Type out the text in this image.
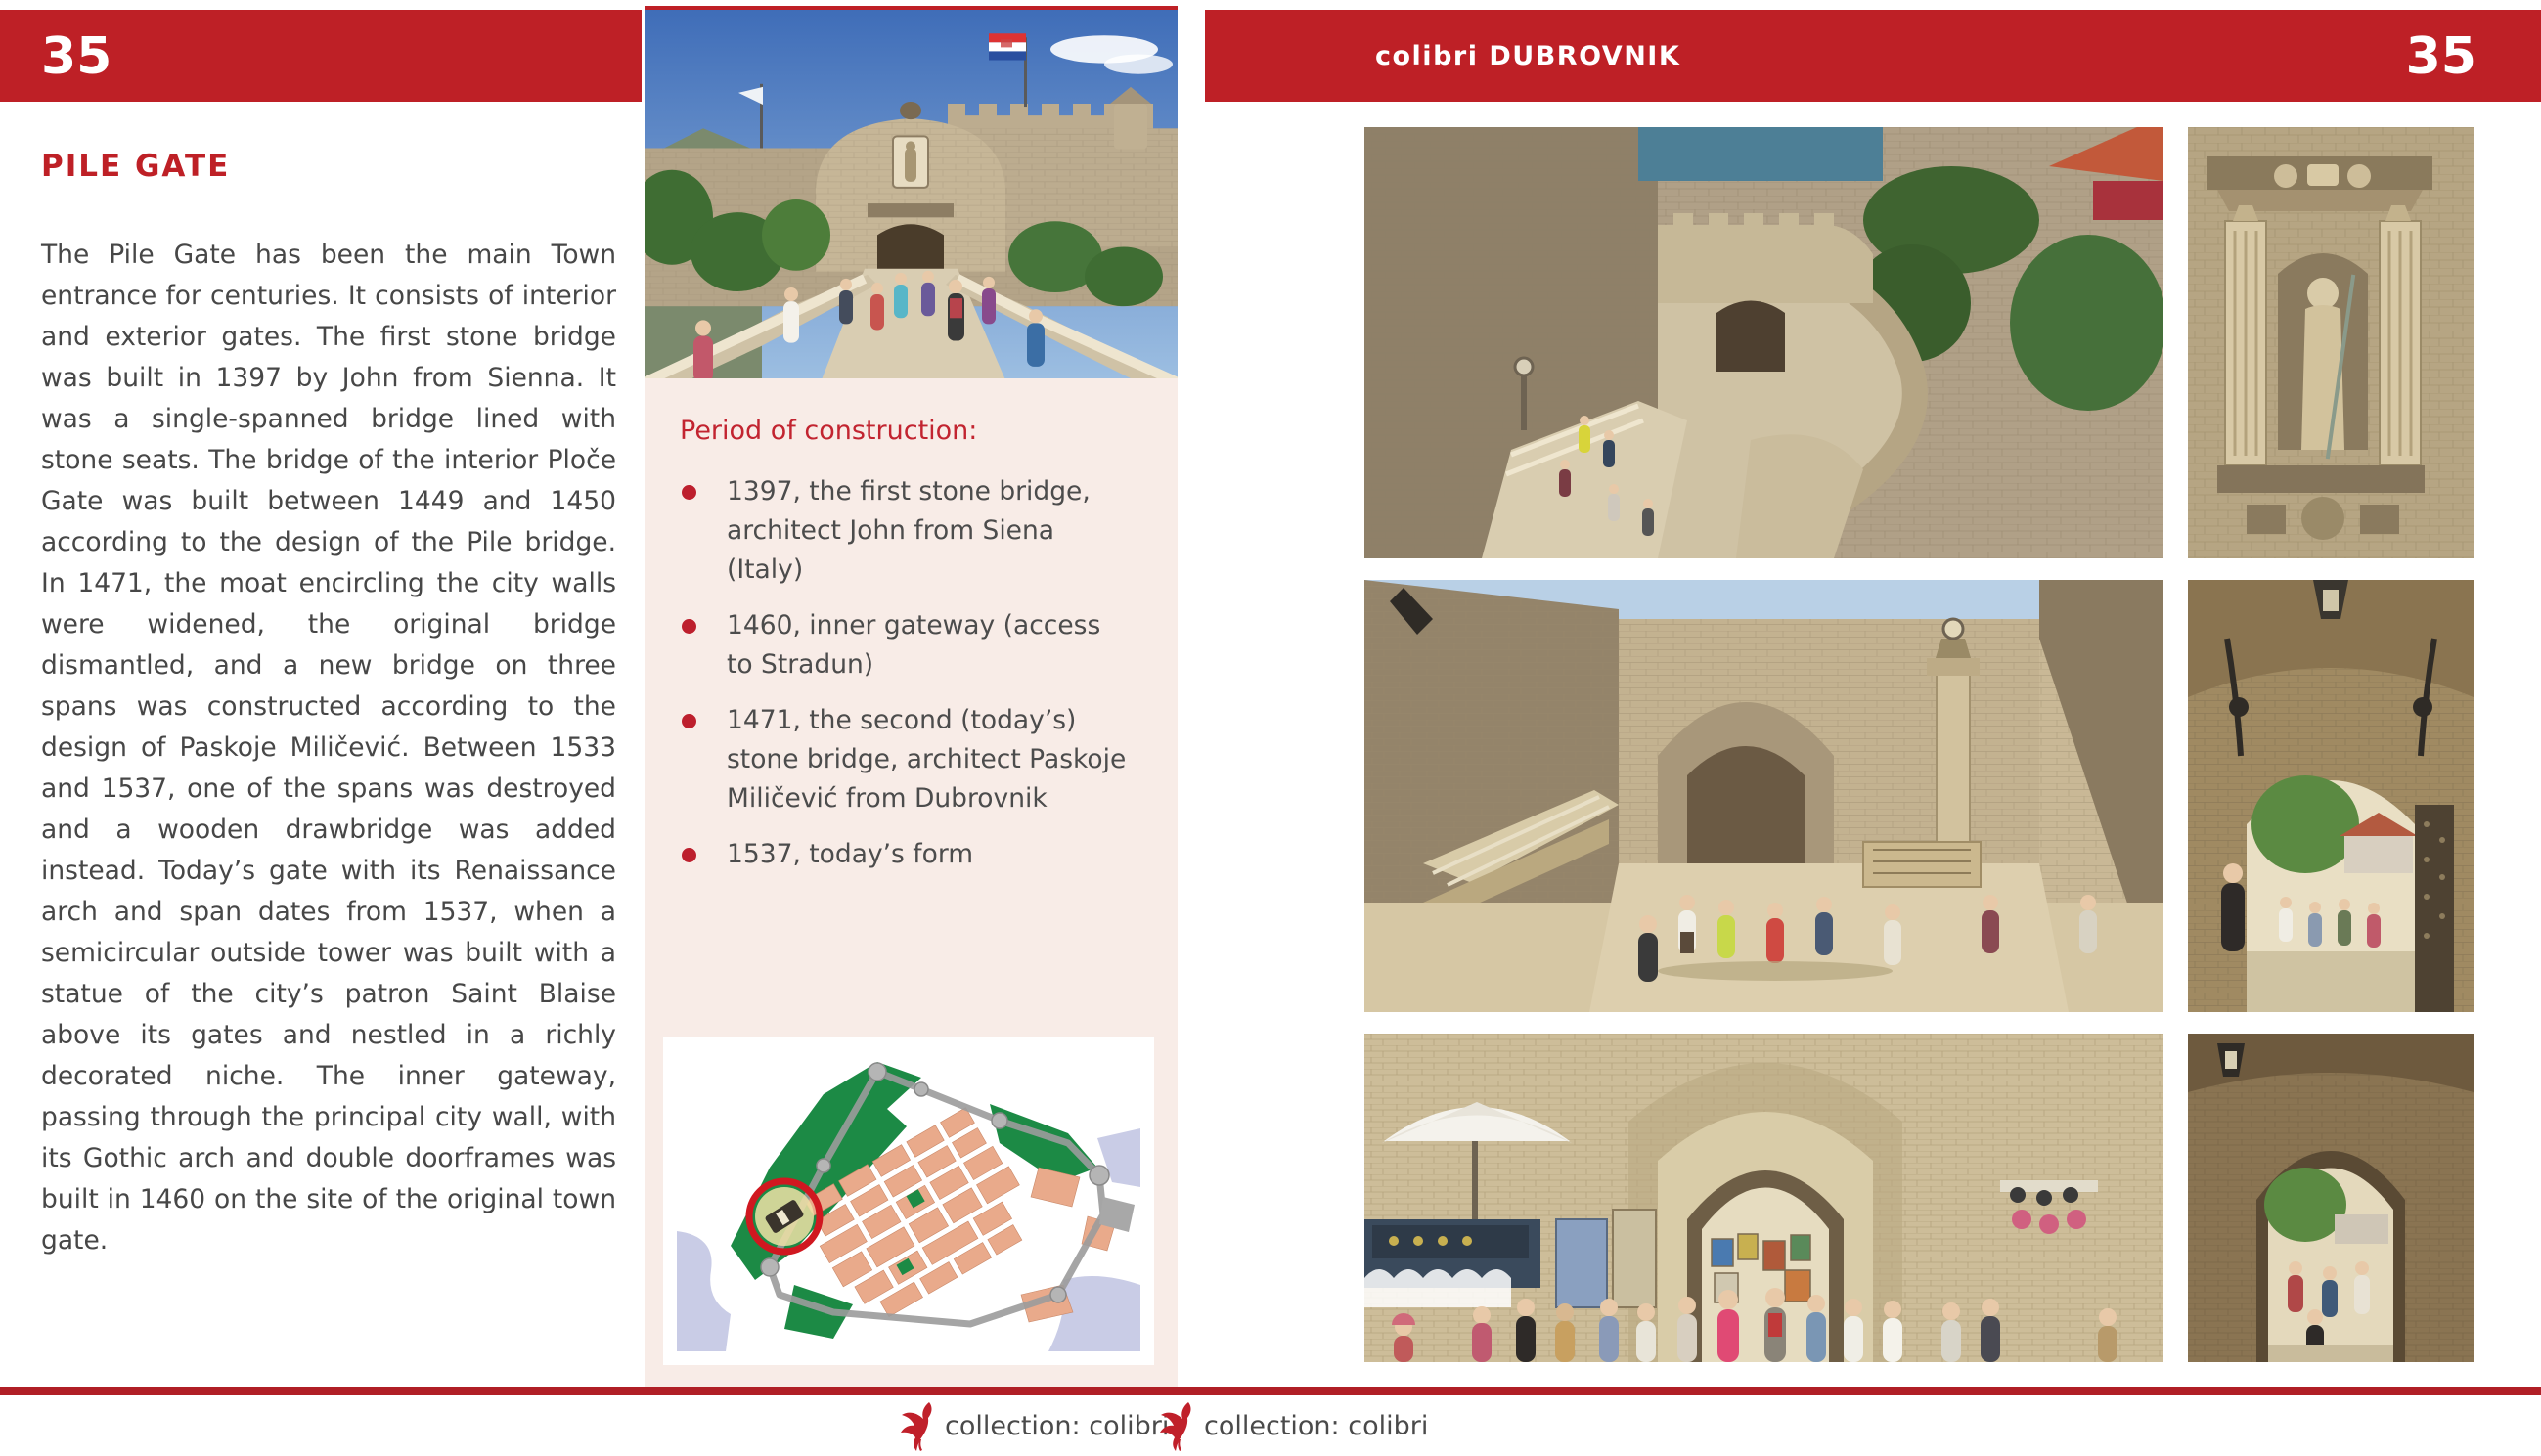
35	colibri DUBROVNIK	35
PILE GATE

The Pile Gate has been the main Town entrance for centuries. It consists of interior and exterior gates. The first stone bridge was built in 1397 by John from Sienna. It was a single-spanned bridge lined with stone seats. The bridge of the interior Ploče Gate was built between 1449 and 1450 according to the design of the Pile bridge. In 1471, the moat encircling the city walls were widened, the original bridge dismantled, and a new bridge on three spans was constructed according to the design of Paskoje Miličević. Between 1533 and 1537, one of the spans was destroyed and a wooden drawbridge was added instead. Today’s gate with its Renaissance arch and span dates from 1537, when a semicircular outside tower was built with a statue of the city’s patron Saint Blaise above its gates and nestled in a richly decorated niche. The inner gateway, passing through the principal city wall, with its Gothic arch and double doorframes was built in 1460 on the site of the original town gate.

Period of construction:
1397, the first stone bridge, architect John from Siena (Italy)
1460, inner gateway (access to Stradun)
1471, the second (today’s) stone bridge, architect Paskoje Miličević from Dubrovnik
1537, today’s form
collection: colibri collection: colibri
